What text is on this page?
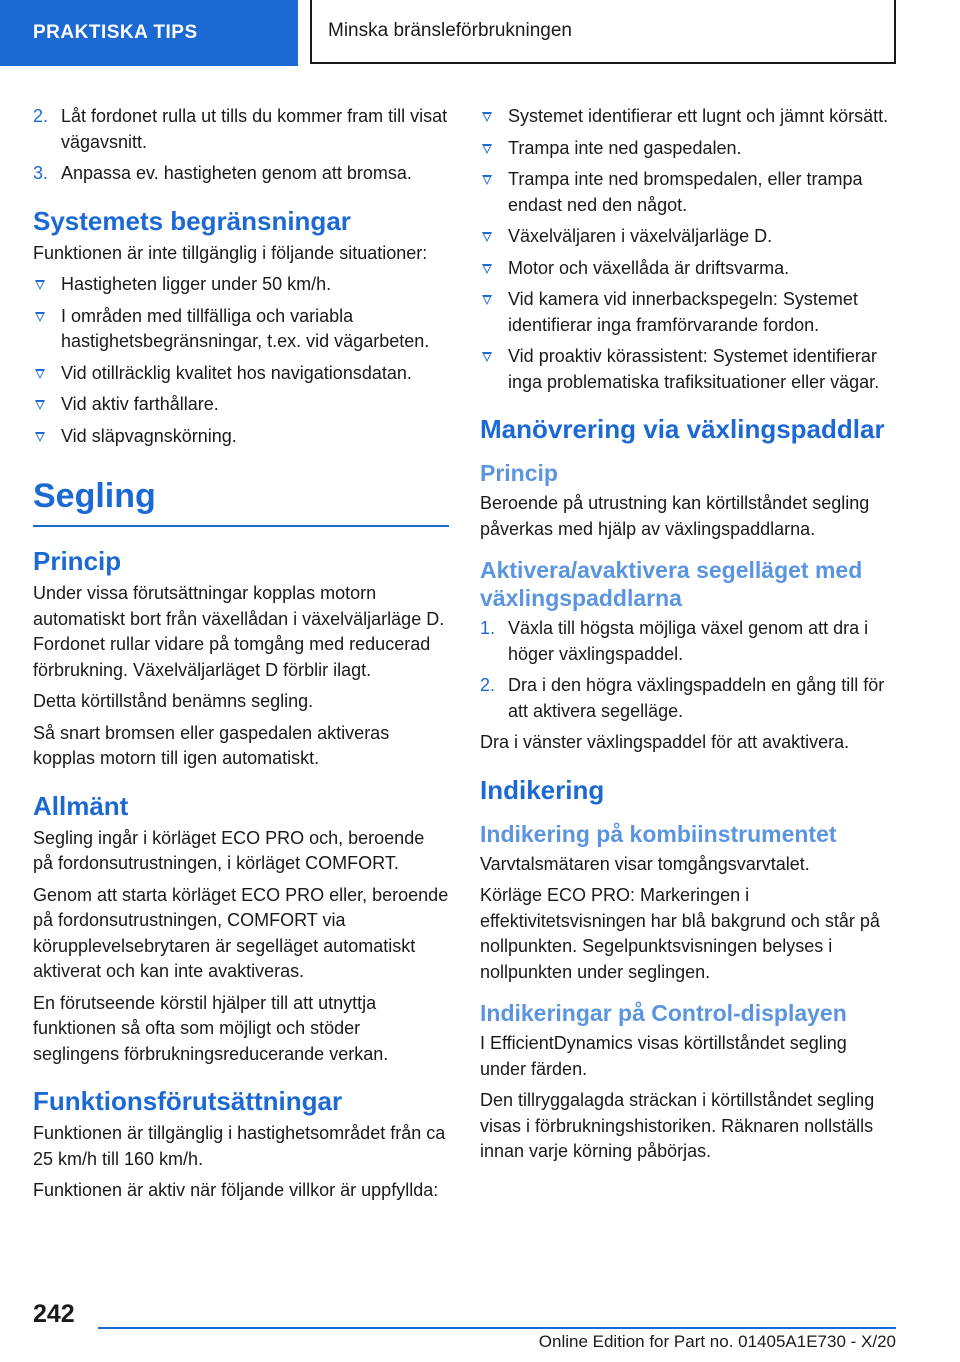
PRAKTISKA TIPS	Minska bränsleförbrukningen
2. Låt fordonet rulla ut tills du kommer fram till visat vägavsnitt.
3. Anpassa ev. hastigheten genom att bromsa.
Systemets begränsningar
Funktionen är inte tillgänglig i följande situationer:
Hastigheten ligger under 50 km/h.
I områden med tillfälliga och variabla hastighetsbegränsningar, t.ex. vid vägarbeten.
Vid otillräcklig kvalitet hos navigationsdatan.
Vid aktiv farthållare.
Vid släpvagnskörning.
Segling
Princip
Under vissa förutsättningar kopplas motorn automatiskt bort från växellådan i växelväljarläge D. Fordonet rullar vidare på tomgång med reducerad förbrukning. Växelväljarläget D förblir ilagt.
Detta körtillstånd benämns segling.
Så snart bromsen eller gaspedalen aktiveras kopplas motorn till igen automatiskt.
Allmänt
Segling ingår i körläget ECO PRO och, beroende på fordonsutrustningen, i körläget COMFORT.
Genom att starta körläget ECO PRO eller, beroende på fordonsutrustningen, COMFORT via körupplevelsebrytaren är segelläget automatiskt aktiverat och kan inte avaktiveras.
En förutseende körstil hjälper till att utnyttja funktionen så ofta som möjligt och stöder seglingens förbrukningsreducerande verkan.
Funktionsförutsättningar
Funktionen är tillgänglig i hastighetsområdet från ca 25 km/h till 160 km/h.
Funktionen är aktiv när följande villkor är uppfyllda:
Systemet identifierar ett lugnt och jämnt körsätt.
Trampa inte ned gaspedalen.
Trampa inte ned bromspedalen, eller trampa endast ned den något.
Växelväljaren i växelväljarläge D.
Motor och växellåda är driftsvarma.
Vid kamera vid innerbackspegeln: Systemet identifierar inga framförvarande fordon.
Vid proaktiv körassistent: Systemet identifierar inga problematiska trafiksituationer eller vägar.
Manövrering via växlingspaddlar
Princip
Beroende på utrustning kan körtillståndet segling påverkas med hjälp av växlingspaddlarna.
Aktivera/avaktivera segelläget med växlingspaddlarna
1. Växla till högsta möjliga växel genom att dra i höger växlingspaddel.
2. Dra i den högra växlingspaddeln en gång till för att aktivera segelläge.
Dra i vänster växlingspaddel för att avaktivera.
Indikering
Indikering på kombiinstrumentet
Varvtalsmätaren visar tomgångsvarvtalet.
Körläge ECO PRO: Markeringen i effektivitetsvisningen har blå bakgrund och står på nollpunkten. Segelpunktsvisningen belyses i nollpunkten under seglingen.
Indikeringar på Control-displayen
I EfficientDynamics visas körtillståndet segling under färden.
Den tillryggalagda sträckan i körtillståndet segling visas i förbrukningshistoriken. Räknaren nollställs innan varje körning påbörjas.
242
Online Edition for Part no. 01405A1E730 - X/20
